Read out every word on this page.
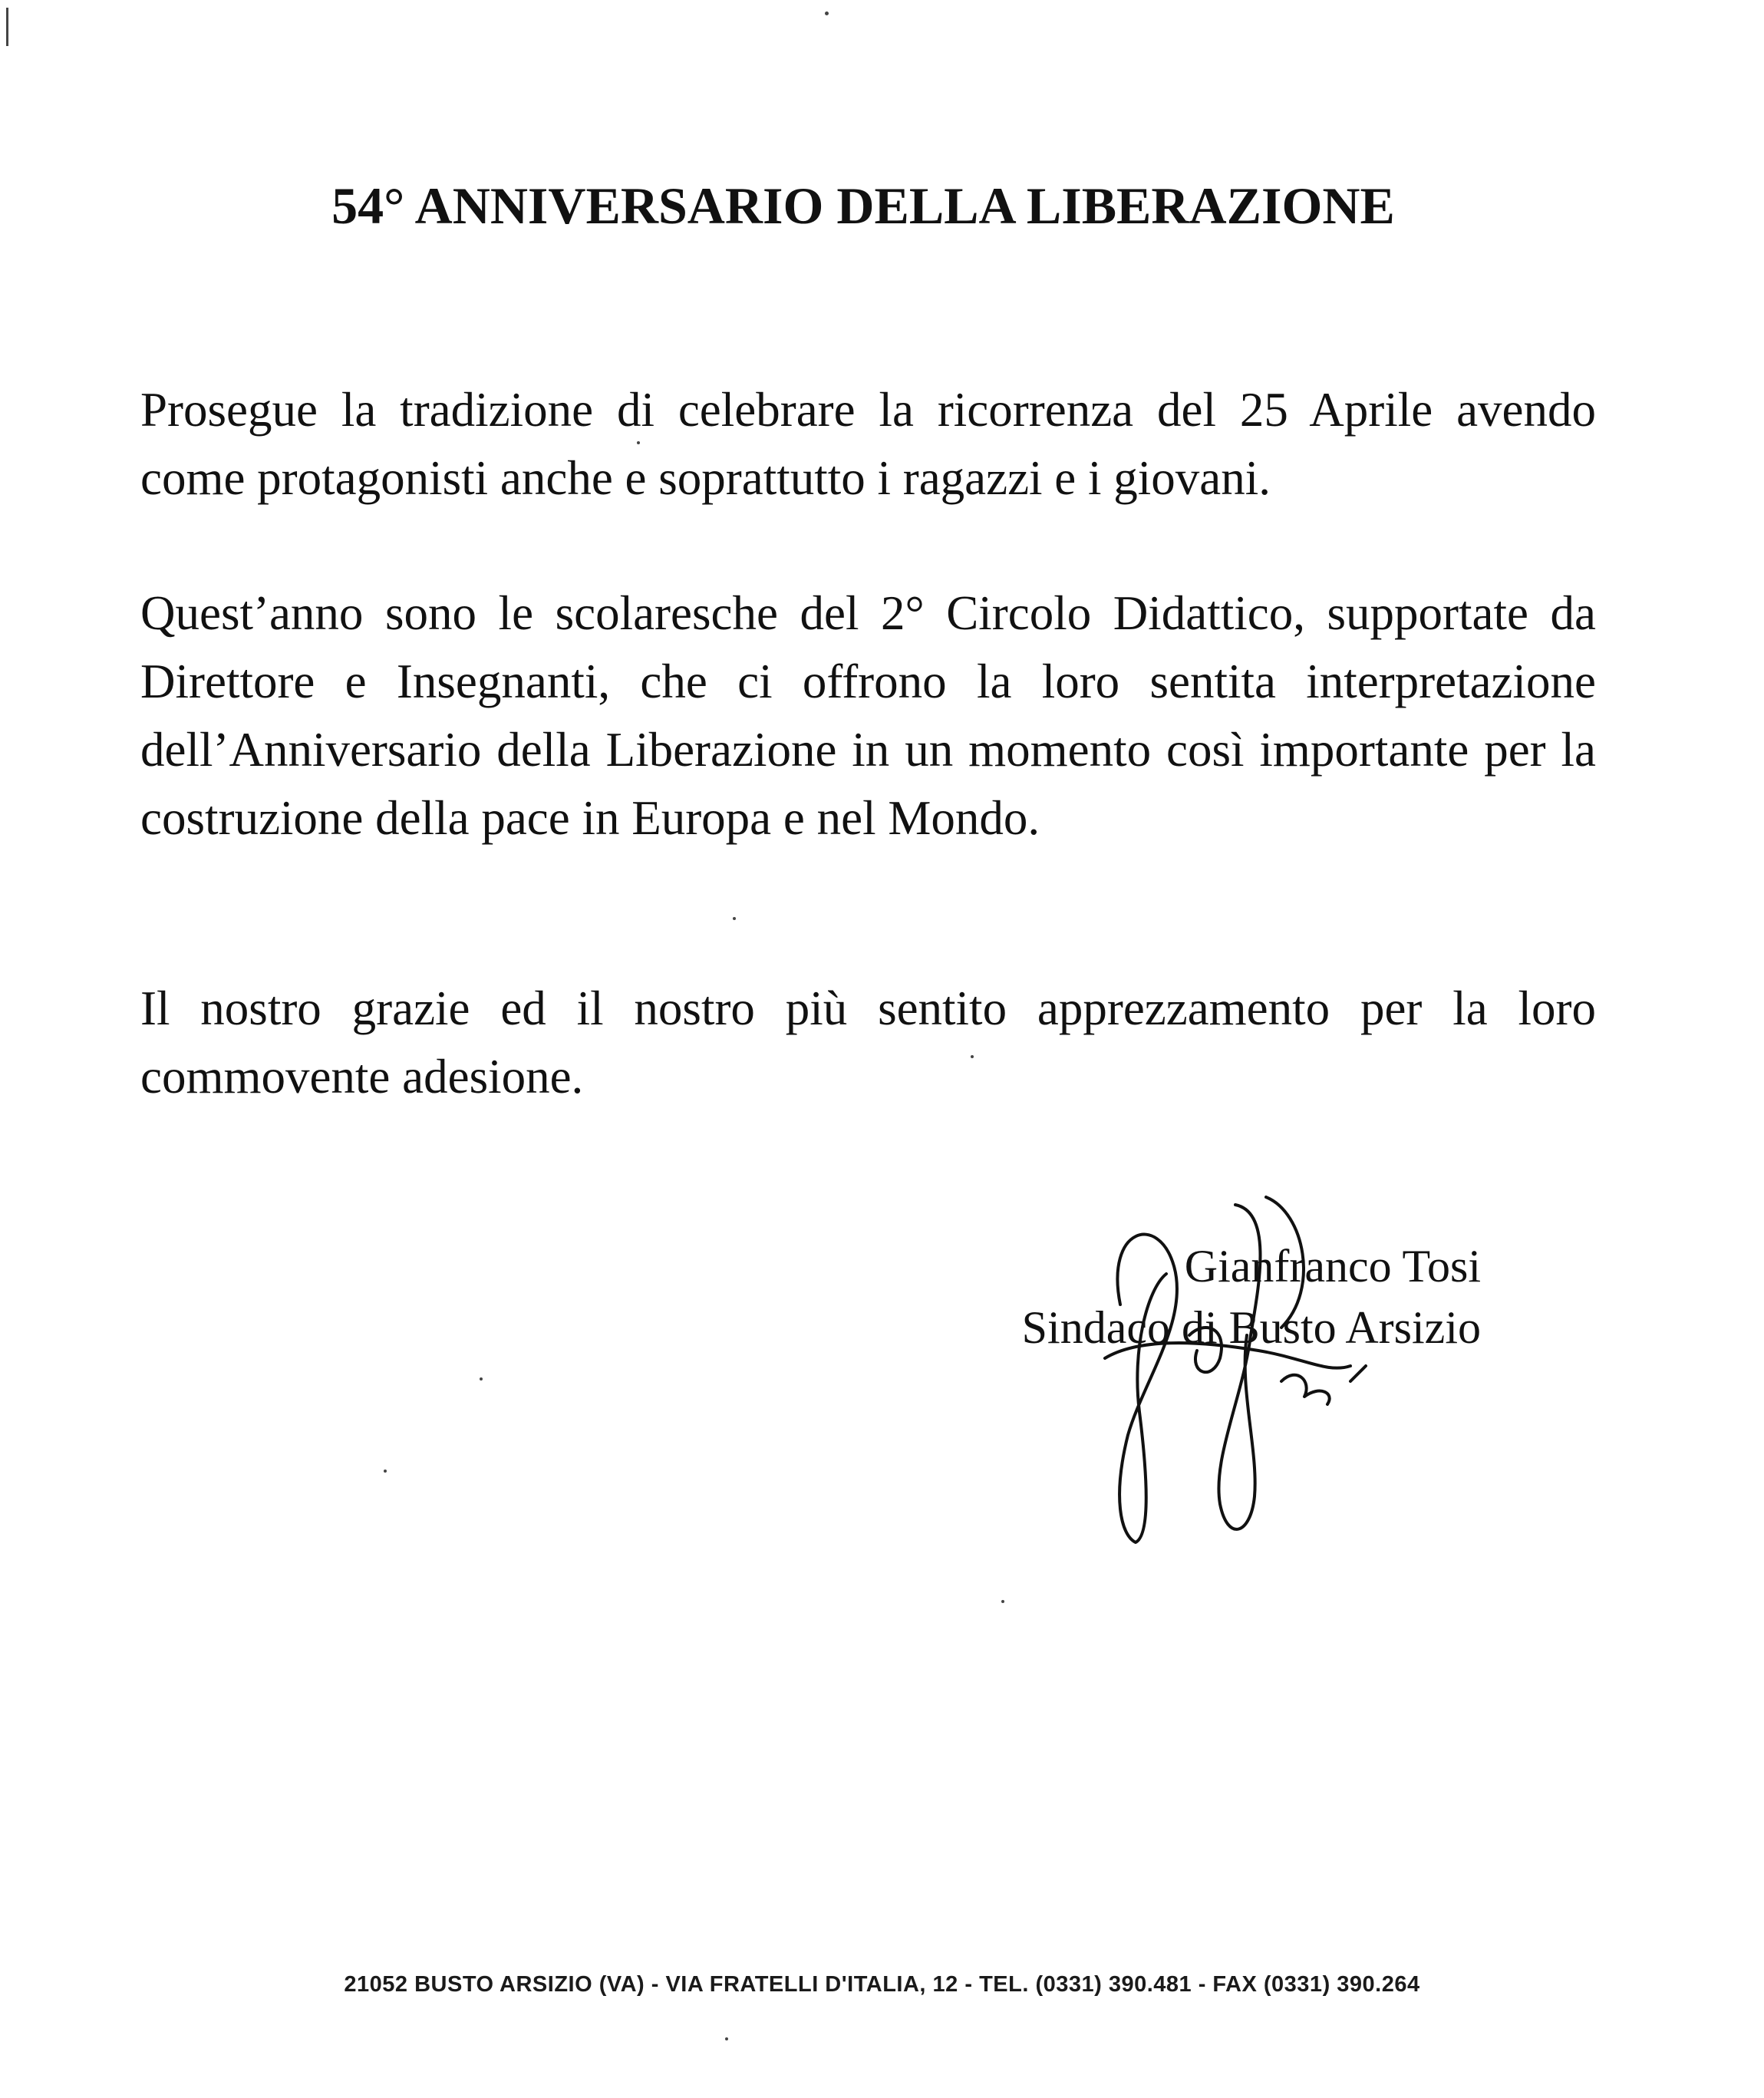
54° ANNIVERSARIO DELLA LIBERAZIONE

Prosegue la tradizione di celebrare la ricorrenza del 25 Aprile avendo come protagonisti anche e soprattutto i ragazzi e i giovani.

Quest’anno sono le scolaresche del 2° Circolo Didattico, supportate da Direttore e Insegnanti, che ci offrono la loro sentita interpretazione dell’Anniversario della Liberazione in un momento così importante per la costruzione della pace in Europa e nel Mondo.

Il nostro grazie ed il nostro più sentito apprezzamento per la loro commovente adesione.

Gianfranco Tosi
Sindaco di Busto Arsizio
21052 BUSTO ARSIZIO (VA) - VIA FRATELLI D'ITALIA, 12 - TEL. (0331) 390.481 - FAX (0331) 390.264
